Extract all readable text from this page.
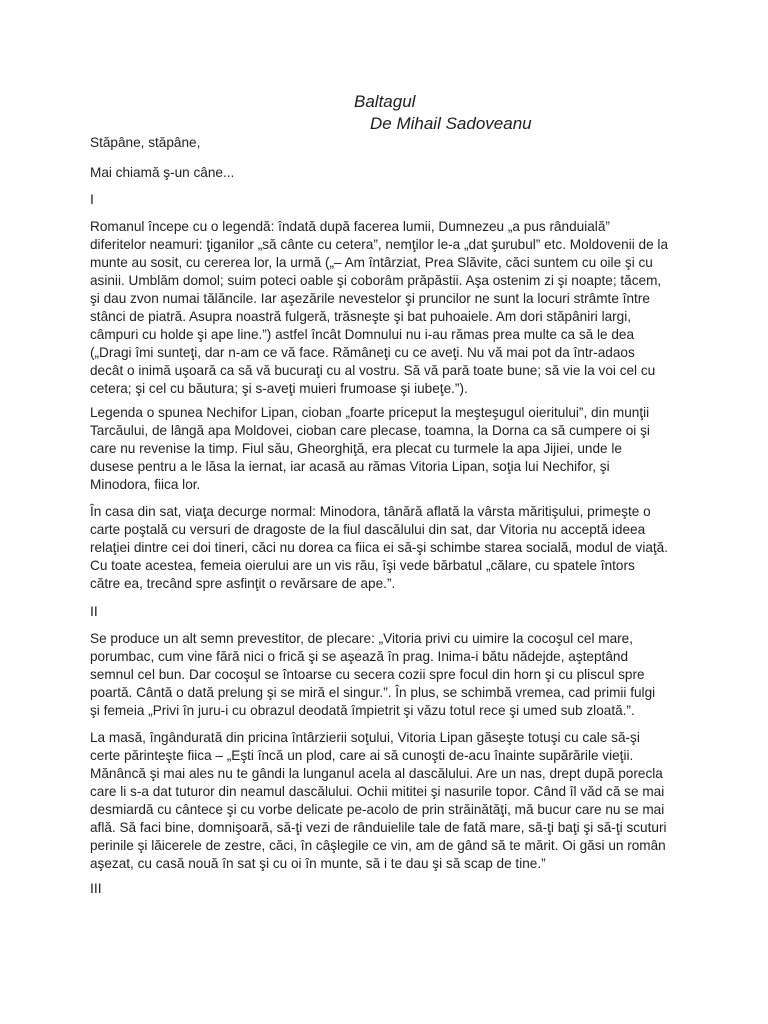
Baltagul
De Mihail Sadoveanu

Stăpâne, stăpâne,

Mai chiamă ş-un câne...

I

Romanul începe cu o legendă: îndată după facerea lumii, Dumnezeu „a pus rânduială”
diferitelor neamuri: ţiganilor „să cânte cu cetera”, nemţilor le-a „dat şurubul” etc. Moldovenii de la
munte au sosit, cu cererea lor, la urmă („– Am întârziat, Prea Slăvite, căci suntem cu oile şi cu
asinii. Umblăm domol; suim poteci oable şi coborâm prăpăstii. Aşa ostenim zi şi noapte; tăcem,
şi dau zvon numai tălăncile. Iar aşezările nevestelor şi pruncilor ne sunt la locuri strâmte între
stânci de piatră. Asupra noastră fulgeră, trăsneşte şi bat puhoaiele. Am dori stăpâniri largi,
câmpuri cu holde şi ape line.”) astfel încât Domnului nu i-au rămas prea multe ca să le dea
(„Dragi îmi sunteţi, dar n-am ce vă face. Rămâneţi cu ce aveţi. Nu vă mai pot da într-adaos
decât o inimă uşoară ca să vă bucuraţi cu al vostru. Să vă pară toate bune; să vie la voi cel cu
cetera; şi cel cu băutura; şi s-aveţi muieri frumoase şi iubeţe.”).

Legenda o spunea Nechifor Lipan, cioban „foarte priceput la meşteşugul oieritului”, din munţii
Tarcăului, de lângă apa Moldovei, cioban care plecase, toamna, la Dorna ca să cumpere oi şi
care nu revenise la timp. Fiul său, Gheorghiţă, era plecat cu turmele la apa Jijiei, unde le
dusese pentru a le lăsa la iernat, iar acasă au rămas Vitoria Lipan, soţia lui Nechifor, şi
Minodora, fiica lor.

În casa din sat, viaţa decurge normal: Minodora, tânără aflată la vârsta măritişului, primeşte o
carte poştală cu versuri de dragoste de la fiul dascălului din sat, dar Vitoria nu acceptă ideea
relaţiei dintre cei doi tineri, căci nu dorea ca fiica ei să-şi schimbe starea socială, modul de viaţă.
Cu toate acestea, femeia oierului are un vis rău, îşi vede bărbatul „călare, cu spatele întors
către ea, trecând spre asfinţit o revărsare de ape.”.

II

Se produce un alt semn prevestitor, de plecare: „Vitoria privi cu uimire la cocoşul cel mare,
porumbac, cum vine fără nici o frică şi se aşează în prag. Inima-i bătu nădejde, aşteptând
semnul cel bun. Dar cocoşul se întoarse cu secera cozii spre focul din horn şi cu pliscul spre
poartă. Cântă o dată prelung şi se miră el singur.”. În plus, se schimbă vremea, cad primii fulgi
şi femeia „Privi în juru-i cu obrazul deodată împietrit şi văzu totul rece şi umed sub zloată.”.

La masă, îngândurată din pricina întârzierii soţului, Vitoria Lipan găseşte totuşi cu cale să-şi
certe părinteşte fiica – „Eşti încă un plod, care ai să cunoşti de-acu înainte supărările vieţii.
Mănâncă şi mai ales nu te gândi la lunganul acela al dascălului. Are un nas, drept după porecla
care li s-a dat tuturor din neamul dascălului. Ochii mititei şi nasurile topor. Când îl văd că se mai
desmiardă cu cântece şi cu vorbe delicate pe-acolo de prin străinătăţi, mă bucur care nu se mai
află. Să faci bine, domnişoară, să-ţi vezi de rânduielile tale de fată mare, să-ţi baţi şi să-ţi scuturi
perinile şi lăicerele de zestre, căci, în câşlegile ce vin, am de gând să te mărit. Oi găsi un român
aşezat, cu casă nouă în sat şi cu oi în munte, să i te dau şi să scap de tine.”

III
